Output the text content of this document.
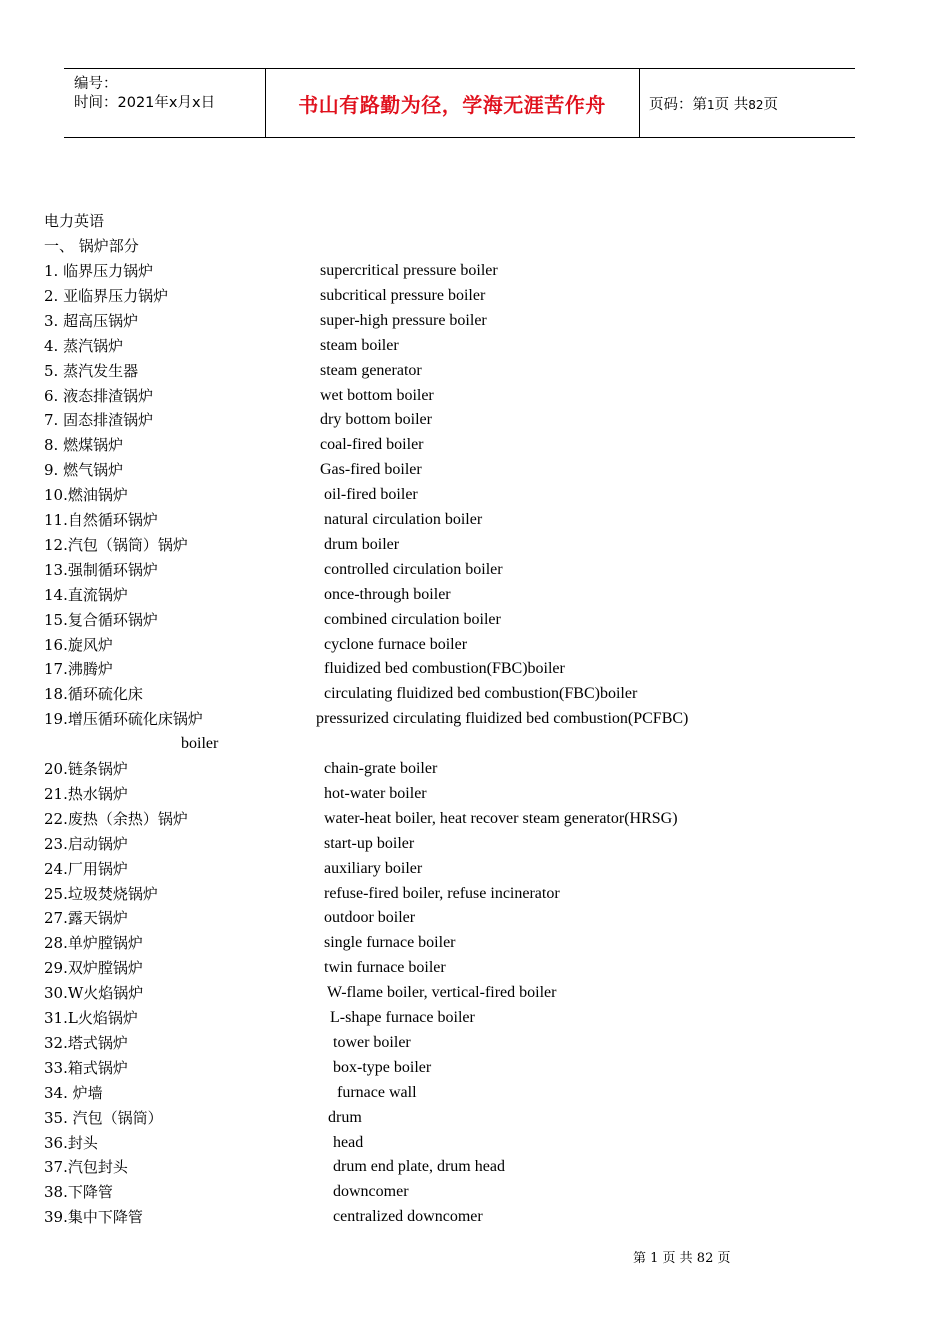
编号：
时间：2021年x月x日	书山有路勤为径，学海无涯苦作舟	页码：第1页 共82页
电力英语
一、 锅炉部分
1. 临界压力锅炉	supercritical pressure boiler
2. 亚临界压力锅炉	subcritical pressure boiler
3. 超高压锅炉	super-high pressure boiler
4. 蒸汽锅炉	steam boiler
5. 蒸汽发生器	steam generator
6. 液态排渣锅炉	wet bottom boiler
7. 固态排渣锅炉	dry bottom boiler
8. 燃煤锅炉	coal-fired boiler
9. 燃气锅炉	Gas-fired boiler
10.燃油锅炉	oil-fired boiler
11.自然循环锅炉	natural circulation boiler
12.汽包（锅筒）锅炉	drum boiler
13.强制循环锅炉	controlled circulation boiler
14.直流锅炉	once-through boiler
15.复合循环锅炉	combined circulation boiler
16.旋风炉	cyclone furnace boiler
17.沸腾炉	fluidized bed combustion(FBC)boiler
18.循环硫化床	circulating fluidized bed combustion(FBC)boiler
19.增压循环硫化床锅炉	pressurized circulating fluidized bed combustion(PCFBC)
boiler
20.链条锅炉	chain-grate boiler
21.热水锅炉	hot-water boiler
22.废热（余热）锅炉	water-heat boiler, heat recover steam generator(HRSG)
23.启动锅炉	start-up boiler
24.厂用锅炉	auxiliary boiler
25.垃圾焚烧锅炉	refuse-fired boiler, refuse incinerator
27.露天锅炉	outdoor boiler
28.单炉膛锅炉	single furnace boiler
29.双炉膛锅炉	twin furnace boiler
30.W火焰锅炉	W-flame boiler, vertical-fired boiler
31.L火焰锅炉	L-shape furnace boiler
32.塔式锅炉	tower boiler
33.箱式锅炉	box-type boiler
34. 炉墙	furnace wall
35. 汽包（锅筒）	drum
36.封头	head
37.汽包封头	drum end plate, drum head
38.下降管	downcomer
39.集中下降管	centralized downcomer
第 1 页 共 82 页
